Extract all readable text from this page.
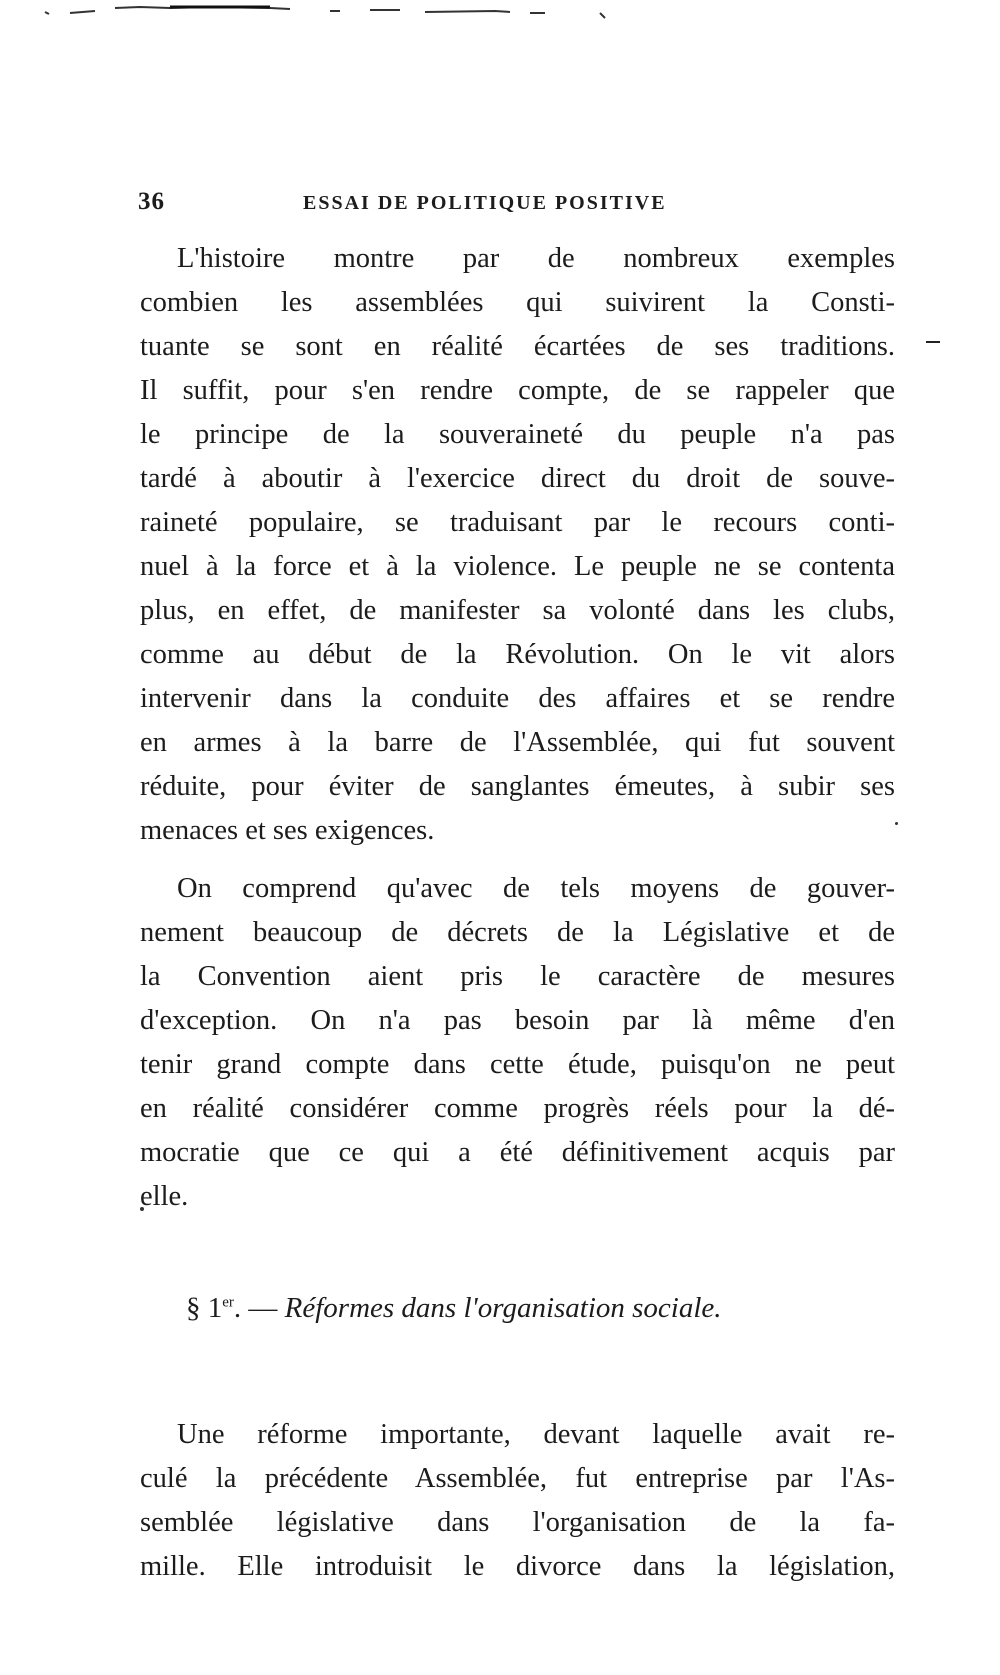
36	ESSAI DE POLITIQUE POSITIVE
L'histoire montre par de nombreux exemples
combien les assemblées qui suivirent la Consti-
tuante se sont en réalité écartées de ses traditions.
Il suffit, pour s'en rendre compte, de se rappeler que
le principe de la souveraineté du peuple n'a pas
tardé à aboutir à l'exercice direct du droit de souve-
raineté populaire, se traduisant par le recours conti-
nuel à la force et à la violence. Le peuple ne se contenta
plus, en effet, de manifester sa volonté dans les clubs,
comme au début de la Révolution. On le vit alors
intervenir dans la conduite des affaires et se rendre
en armes à la barre de l'Assemblée, qui fut souvent
réduite, pour éviter de sanglantes émeutes, à subir ses
menaces et ses exigences.
On comprend qu'avec de tels moyens de gouver-
nement beaucoup de décrets de la Législative et de
la Convention aient pris le caractère de mesures
d'exception. On n'a pas besoin par là même d'en
tenir grand compte dans cette étude, puisqu'on ne peut
en réalité considérer comme progrès réels pour la dé-
mocratie que ce qui a été définitivement acquis par
elle.
§ 1er. — Réformes dans l'organisation sociale.
Une réforme importante, devant laquelle avait re-
culé la précédente Assemblée, fut entreprise par l'As-
semblée législative dans l'organisation de la fa-
mille. Elle introduisit le divorce dans la législation,
